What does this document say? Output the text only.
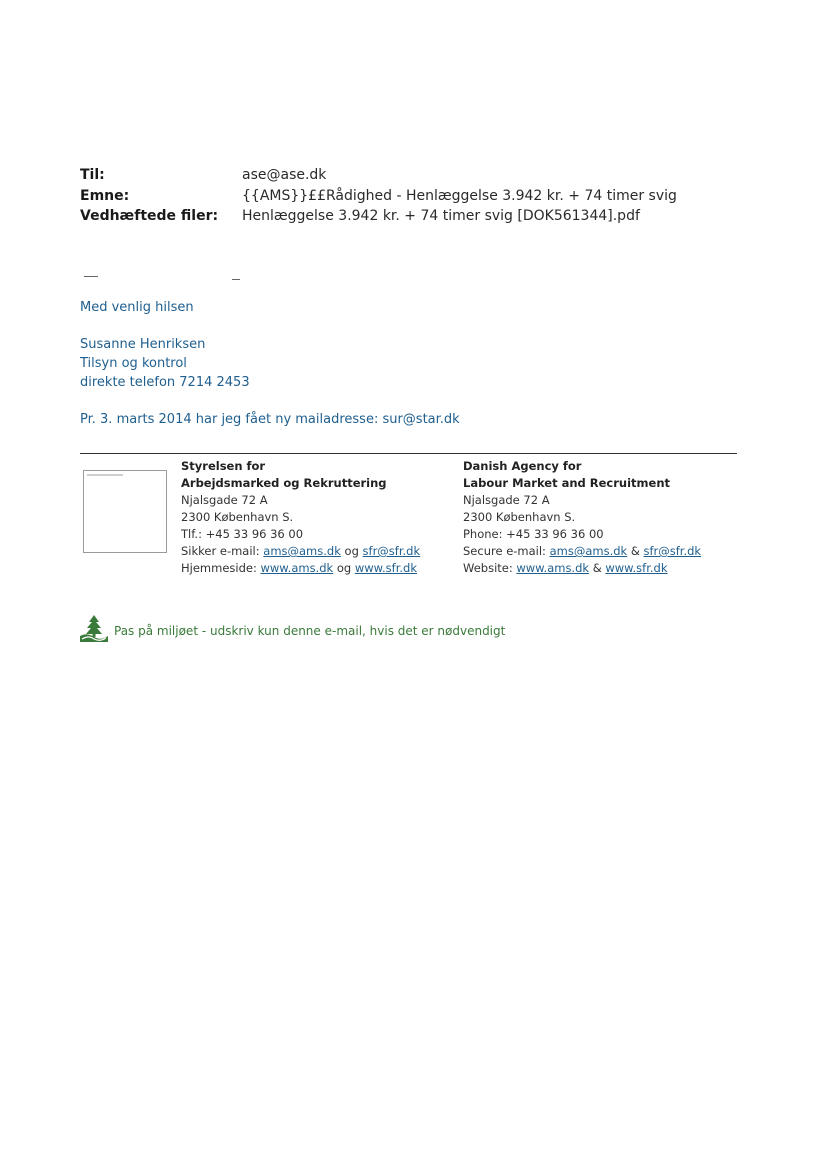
Til:	ase@ase.dk
Emne:	{{AMS}}££Rådighed - Henlæggelse 3.942 kr. + 74 timer svig
Vedhæftede filer: Henlæggelse 3.942 kr. + 74 timer svig [DOK561344].pdf
Med venlig hilsen
Susanne Henriksen
Tilsyn og kontrol
direkte telefon 7214 2453
Pr. 3. marts 2014 har jeg fået ny mailadresse: sur@star.dk
Styrelsen for
Arbejdsmarked og Rekruttering
Njalsgade 72 A
2300 København S.
Tlf.: +45 33 96 36 00
Sikker e-mail: ams@ams.dk og sfr@sfr.dk
Hjemmeside: www.ams.dk og www.sfr.dk
Danish Agency for
Labour Market and Recruitment
Njalsgade 72 A
2300 København S.
Phone: +45 33 96 36 00
Secure e-mail: ams@ams.dk & sfr@sfr.dk
Website: www.ams.dk & www.sfr.dk
Pas på miljøet - udskriv kun denne e-mail, hvis det er nødvendigt
